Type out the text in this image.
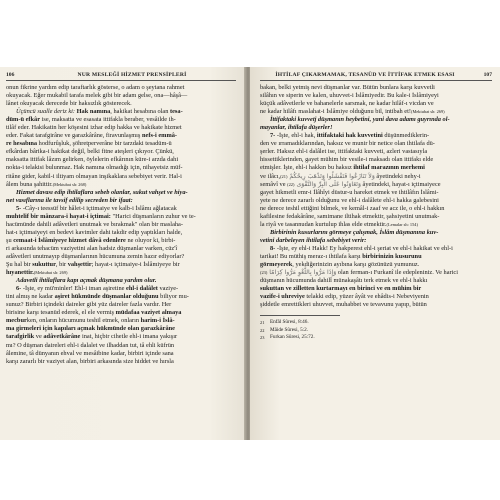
106	NUR MESLEĞİ HİZMET PRENSİPLERİ

onun fikrine yardım edip taraftarlık gösterse, o adam o şeytana rahmet

okuyacak. Eğer mukabil tarafa melek gibi bir adam gelse, ona—hâşâ—

lânet okuyacak derecede bir haksızlık gösterecek.

Üçüncü sualle deriz ki: Hak namına, hakikat hesabına olan tesa-

düm-ü efkâr ise, maksatta ve esasata ittifakla beraber, vesâilde ih-

tilâf eder. Hakikatin her köşesini izhar edip hakka ve hakikate hizmet

eder. Fakat tarafgirâne ve garazkârâne, firavunlaşmış nefs-i emmâ-

re hesabına hodfurûşluk, şöhretperverâne bir tarzdaki tesadüm-ü

efkârdan bârika-i hakikat değil, belki fitne ateşleri çıkıyor. Çünkü,

maksatta ittifak lâzım gelirken, öylelerin efkârının küre-i arzda dahi

nokta-i telakisi bulunmaz. Hak namına olmadığı için, nihayetsiz müf-

ritâne gider, kabil-i iltiyam olmayan inşikaklara sebebiyet verir. Hal-i

âlem buna şahittir.(Mektubat sh: 268)

Hizmet davası edip ihtilaflara sebeb olanlar, sukut vahşet ve hiya-

net vasıflarına ile tavsif edilip secreden bir ifaat:

5- -Cây-ı teessüf bir hâlet-i içtimaiye ve kalb-i İslâmı ağlatacak

muhtelif bir mânzara-i hayat-i içtimai: "Harici düşmanların zuhur ve te-

hacümünde dahili adâvetleri unutmak ve bırakmak" olan bir maslaha-

hat-ı içtimaiyeyi en bedevi kavimler dahi takdir edip yaptıkları halde,

şu cemaat-i İslâmiyeye hizmet dâvâ edenlere ne oluyor ki, birbi-

ri arkasında tehacüm vaziyetini alan hadsiz düşmanlar varken, cüz'î

adâvetleri unutmayıp düşmanlarının hücumuna zemin hazır ediyorlar?

Şu hal bir sukuttur, bir vahşettir; hayat-ı içtimaiye-i İslâmiyeye bir

hıyanettir.(Mektubat sh: 269)

Adavetli ihtilaflara kapı açmak düşmana yardım olur.

6- -İşte, ey mü'minler! Ehl-i iman aşiretine ehl-i dalâlet vaziye-

tini almış ne kadar aşiret hükmünde düşmanlar olduğunu biliyor mu-

sunuz? Birbiri içindeki daireler gibi yüz daireler fazla vardır. Her

birisine karşı tesanüd ederek, el ele vermiş müdafaa vaziyet almaya

mecburken, onların hücumunu teshil etmek, onların harim-i İslâ-

ma girmeleri için kapıları açmak hükmünde olan garazkârâne

tarafgirlik ve adâvetkârâne inat, hiçbir cihetle ehl-i imana yakışır

mı? O düşman daireleri ehl-i dalalet ve ilhaddan tut, tâ ehli küfrün

âlemine, tâ dünyanın ehval ve mesâibine kadar, birbiri içinde sana

karşı zararlı bir vaziyet alan, birbiri arkasında size hiddet ve hırsla

İHTİLAF ÇIKARMAMAK, TESANÜD VE İTTİFAK ETMEK ESASI	107

bakan, belki yetmiş nevi düşmanlar var. Bütün bunlara karşı kuvvetli

silâhın ve siperin ve kalen, uhuvvet-i İslâmiyedir. Bu kale-i İslâmiyeyi

küçük adâvetlerle ve bahanelerle sarsmak, ne kadar hilâf-ı vicdan ve

ne kadar hilâfı maslahat-i İslâmiye olduğunu bil, intibah et!(Mektubat sh: 269)

İttifaktaki kuvvetj düşmanın heybetini, yani dava adamı guyrında ol-

mayanlar, ihtilafa düşerler!

7- -İşte, ehl-i hak, ittifaktaki hak kuvvetini düşünmediklerin-

den ve ırramadıklarından, haksız ve munir bir netice olan ihtilafa dü-

şerler. Haksız ehl-i dalâlet ise, ittifaktaki kuvveti, azleri vastasıyla

hissettiklerinden, gayet mühim bir vesile-i maksadı olan ittifakı elde

etmişler. İşte, ehl-i hakkın bu haksız ihtilaf marazının merhemi

ve ilâcı,(21) وَلاَ تَنَازَعُوا فَتَفْشَلُوا وَتَذْهَبَ رِيحُكُمْ âyetindeki nehy-i

semâvî ve (22) وَتَعَاوَنُوا عَلَى الْبِرِّ وَالتَّقْوَى âyetindeki, hayat-ı içtimaiyece

gayet hikmetli emr-i İlâhîyi düstur-u hareket etmek ve ihtilâfın İslâmi-

yete ne derece zararlı olduğunu ve ehl-i dalâlete ehl-i hakka galebesini

ne derece teshil ettiğini bilmek, ve kemâl-i zaaf ve acz ile, o ehl-i hakkın

kafilesine fedakârâne, samimane iltihak etmektir, şahsiyetini unutmak-

la riyâ ve tasannudan kurtulup ihlas elde etmektir.(Lemalar sh: 154)

Birbirinin kusurlarını görmeye çalışmak, İslâm düşmanına kuv-

vetini darbeleyen ihtilafa sebebiyet verir:

8- -İşte, ey ehl-i Hakk! Ey hakperest ehl-i şeriat ve ehl-i hakikat ve ehl-i

tarikat! Bu müthiş meraz-ı ihtilafa karşı birbirinizin kusurunu

görmeyerek, yekdiğerinizin ayıbına karşı gözünüzü yumunuz.

(23) وَإِذَا مَرُّوا بِاللَّغْوِ مَرُّوا كِرَامًا olan ferman-ı Furkanî ile edepleniniz. Ve harici

düşmanın hücumunda dahilî münakaşâtı terk etmek ve ehl-i hakkı

sukuttan ve zilletten kurtarmayı en birinci ve en mühim bir

vazife-i uhreviye telakki edip, yüzer âyât ve ehâdis-i Nebeviyenin

şiddetle emrettikleri uhuvvet, muhabbet ve tevavunu yapıp, bütün

21 Enfâl Sûresi, 8:46.

22 Mâide Sûresi, 5:2.

23 Furkan Sûresi, 25:72.
